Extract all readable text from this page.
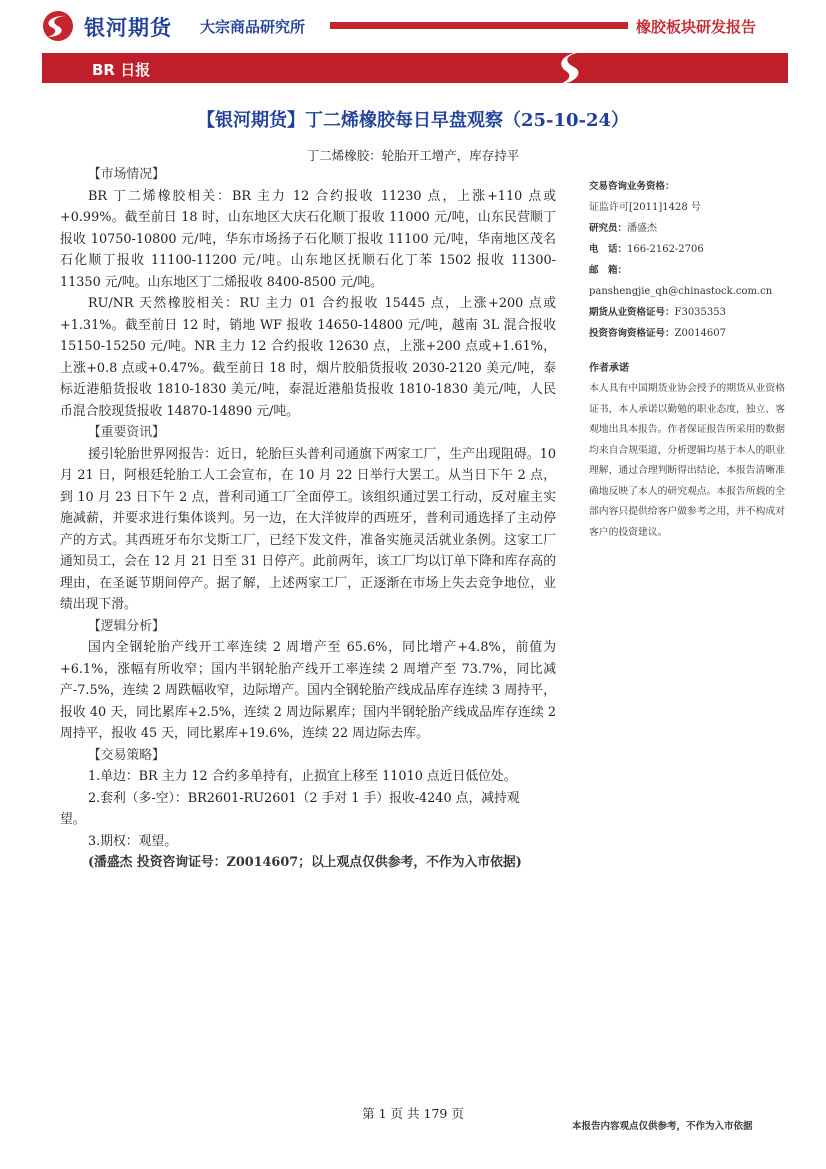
银河期货 大宗商品研究所	橡胶板块研发报告
BR 日报
【银河期货】丁二烯橡胶每日早盘观察（25-10-24）
丁二烯橡胶：轮胎开工增产，库存持平

【市场情况】

BR 丁二烯橡胶相关：BR 主力 12 合约报收 11230 点，上涨+110 点或+0.99%。截至前日 18 时，山东地区大庆石化顺丁报收 11000 元/吨，山东民营顺丁报收 10750-10800 元/吨，华东市场扬子石化顺丁报收 11100 元/吨，华南地区茂名石化顺丁报收 11100-11200 元/吨。山东地区抚顺石化丁苯 1502 报收 11300-11350 元/吨。山东地区丁二烯报收 8400-8500 元/吨。

RU/NR 天然橡胶相关：RU 主力 01 合约报收 15445 点，上涨+200 点或+1.31%。截至前日 12 时，销地 WF 报收 14650-14800 元/吨，越南 3L 混合报收 15150-15250 元/吨。NR 主力 12 合约报收 12630 点，上涨+200 点或+1.61%，上涨+0.8 点或+0.47%。截至前日 18 时，烟片胶船货报收 2030-2120 美元/吨，泰标近港船货报收 1810-1830 美元/吨，泰混近港船货报收 1810-1830 美元/吨，人民币混合胶现货报收 14870-14890 元/吨。

【重要资讯】

援引轮胎世界网报告：近日，轮胎巨头普利司通旗下两家工厂，生产出现阻碍。10 月 21 日，阿根廷轮胎工人工会宣布，在 10 月 22 日举行大罢工。从当日下午 2 点，到 10 月 23 日下午 2 点，普利司通工厂全面停工。该组织通过罢工行动，反对雇主实施减薪，并要求进行集体谈判。另一边，在大洋彼岸的西班牙，普利司通选择了主动停产的方式。其西班牙布尔戈斯工厂，已经下发文件，准备实施灵活就业条例。这家工厂通知员工，会在 12 月 21 日至 31 日停产。此前两年，该工厂均以订单下降和库存高的理由，在圣诞节期间停产。据了解，上述两家工厂，正逐渐在市场上失去竞争地位，业绩出现下滑。

【逻辑分析】

国内全钢轮胎产线开工率连续 2 周增产至 65.6%，同比增产+4.8%，前值为+6.1%，涨幅有所收窄；国内半钢轮胎产线开工率连续 2 周增产至 73.7%，同比减产-7.5%，连续 2 周跌幅收窄，边际增产。国内全钢轮胎产线成品库存连续 3 周持平，报收 40 天，同比累库+2.5%，连续 2 周边际累库；国内半钢轮胎产线成品库存连续 2 周持平，报收 45 天，同比累库+19.6%，连续 22 周边际去库。

【交易策略】

1.单边：BR 主力 12 合约多单持有，止损宜上移至 11010 点近日低位处。

2.套利（多-空）：BR2601-RU2601（2 手对 1 手）报收-4240 点，减持观

望。

3.期权：观望。

(潘盛杰 投资咨询证号：Z0014607；以上观点仅供参考，不作为入市依据)

交易咨询业务资格：

证监许可[2011]1428 号

研究员：潘盛杰

电　话：166-2162-2706

邮　箱：

panshengjie_qh@chinastock.com.cn

期货从业资格证号：F3035353

投资咨询资格证号：Z0014607

作者承诺

本人具有中国期货业协会授予的期货从业资格证书，本人承诺以勤勉的职业态度，独立、客观地出具本报告。作者保证报告所采用的数据均来自合规渠道，分析逻辑均基于本人的职业理解，通过合理判断得出结论，本报告清晰准确地反映了本人的研究观点。本报告所载的全部内容只提供给客户做参考之用，并不构成对客户的投资建议。

第 1 页 共 179 页
本报告内容观点仅供参考，不作为入市依据
